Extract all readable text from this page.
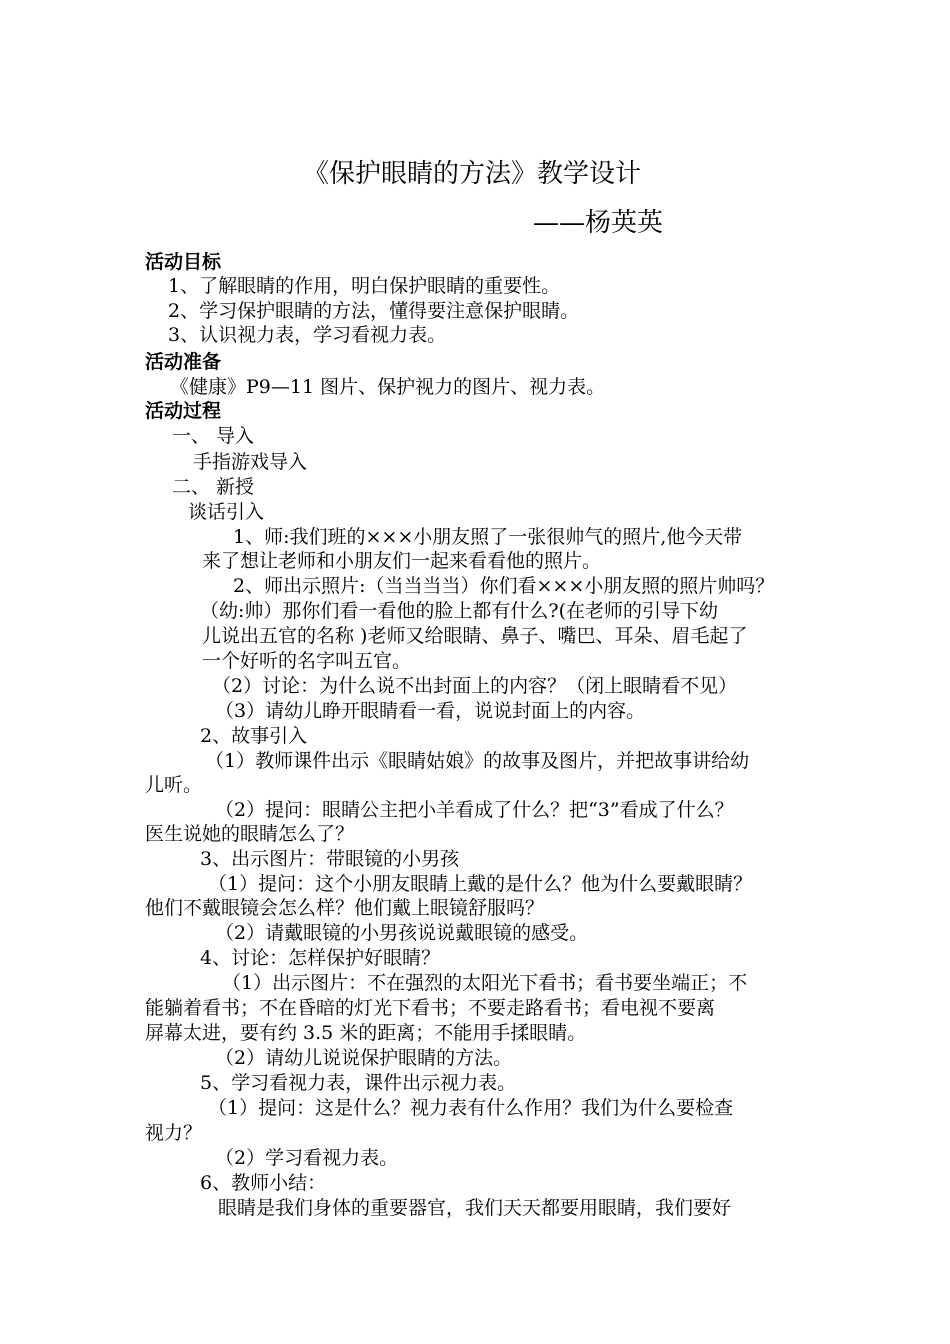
《保护眼睛的方法》教学设计
——杨英英
活动目标
1、了解眼睛的作用，明白保护眼睛的重要性。
2、学习保护眼睛的方法，懂得要注意保护眼睛。
3、认识视力表，学习看视力表。
活动准备
《健康》P9—11 图片、保护视力的图片、视力表。
活动过程
一、 导入
手指游戏导入
二、 新授
谈话引入
1、师:我们班的×××小朋友照了一张很帅气的照片,他今天带
来了想让老师和小朋友们一起来看看他的照片。
2、师出示照片:（当当当当）你们看×××小朋友照的照片帅吗？
（幼:帅）那你们看一看他的脸上都有什么?(在老师的引导下幼
儿说出五官的名称 )老师又给眼睛、鼻子、嘴巴、耳朵、眉毛起了
一个好听的名字叫五官。
（2）讨论：为什么说不出封面上的内容？（闭上眼睛看不见）
（3）请幼儿睁开眼睛看一看，说说封面上的内容。
2、故事引入
（1）教师课件出示《眼睛姑娘》的故事及图片，并把故事讲给幼
儿听。
（2）提问：眼睛公主把小羊看成了什么？把“3”看成了什么？
医生说她的眼睛怎么了？
3、出示图片：带眼镜的小男孩
（1）提问：这个小朋友眼睛上戴的是什么？他为什么要戴眼睛？
他们不戴眼镜会怎么样？他们戴上眼镜舒服吗？
（2）请戴眼镜的小男孩说说戴眼镜的感受。
4、讨论：怎样保护好眼睛？
（1）出示图片：不在强烈的太阳光下看书；看书要坐端正；不
能躺着看书；不在昏暗的灯光下看书；不要走路看书；看电视不要离
屏幕太进，要有约 3.5 米的距离；不能用手揉眼睛。
（2）请幼儿说说保护眼睛的方法。
5、学习看视力表，课件出示视力表。
（1）提问：这是什么？视力表有什么作用？我们为什么要检查
视力？
（2）学习看视力表。
6、教师小结：
眼睛是我们身体的重要器官，我们天天都要用眼睛，我们要好
